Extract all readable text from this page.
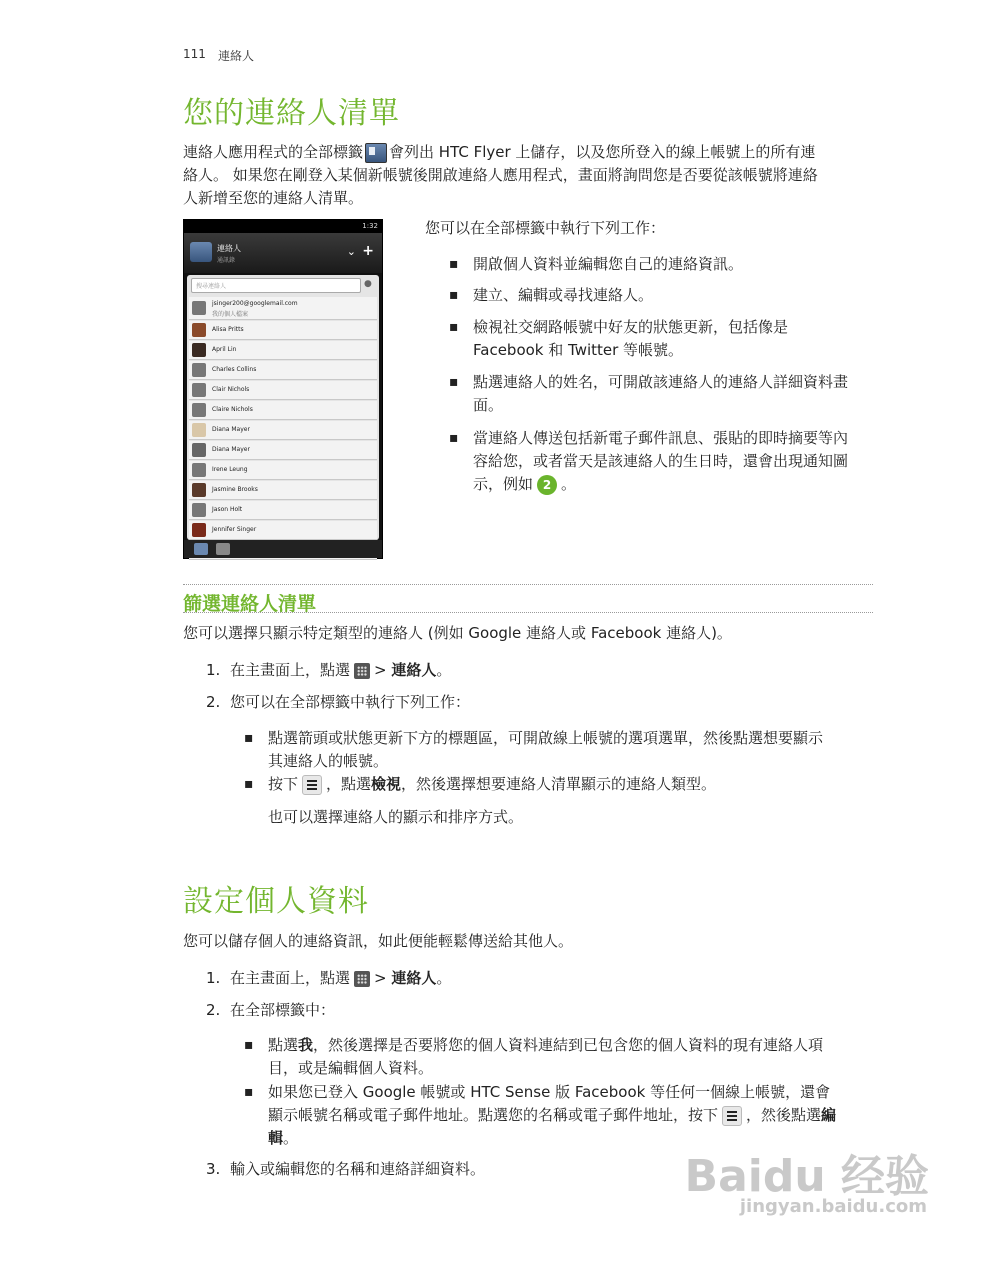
111 連絡人
您的連絡人清單
連絡人應用程式的全部標籤 會列出 HTC Flyer 上儲存，以及您所登入的線上帳號上的所有連
絡人。 如果您在剛登入某個新帳號後開啟連絡人應用程式，畫面將詢問您是否要從該帳號將連絡
人新增至您的連絡人清單。
1:32
連絡人
通訊錄
⌄ +
搜尋連絡人	●
jsinger200@googlemail.com
我的個人檔案
Alisa Pritts
April Lin
Charles Collins
Clair Nichols
Claire Nichols
Diana Mayer
Diana Mayer
Irene Leung
Jasmine Brooks
Jason Holt
Jennifer Singer
您可以在全部標籤中執行下列工作：
▪ 開啟個人資料並編輯您自己的連絡資訊。
▪ 建立、編輯或尋找連絡人。
▪ 檢視社交網路帳號中好友的狀態更新，包括像是
Facebook 和 Twitter 等帳號。
▪ 點選連絡人的姓名，可開啟該連絡人的連絡人詳細資料畫
面。
▪ 當連絡人傳送包括新電子郵件訊息、張貼的即時摘要等內
容給您，或者當天是該連絡人的生日時，還會出現通知圖
示，例如 2 。
篩選連絡人清單
您可以選擇只顯示特定類型的連絡人 (例如 Google 連絡人或 Facebook 連絡人)。
1. 在主畫面上，點選 > 連絡人。
2. 您可以在全部標籤中執行下列工作：
▪ 點選箭頭或狀態更新下方的標題區，可開啟線上帳號的選項選單，然後點選想要顯示
其連絡人的帳號。
▪ 按下 ，點選檢視，然後選擇想要連絡人清單顯示的連絡人類型。
也可以選擇連絡人的顯示和排序方式。
設定個人資料
您可以儲存個人的連絡資訊，如此便能輕鬆傳送給其他人。
1. 在主畫面上，點選 > 連絡人。
2. 在全部標籤中：
▪ 點選我，然後選擇是否要將您的個人資料連結到已包含您的個人資料的現有連絡人項
目，或是編輯個人資料。
▪ 如果您已登入 Google 帳號或 HTC Sense 版 Facebook 等任何一個線上帳號，還會
顯示帳號名稱或電子郵件地址。點選您的名稱或電子郵件地址，按下 ，然後點選編
輯。
3. 輸入或編輯您的名稱和連絡詳細資料。	Baidu 经验
jingyan.baidu.com
